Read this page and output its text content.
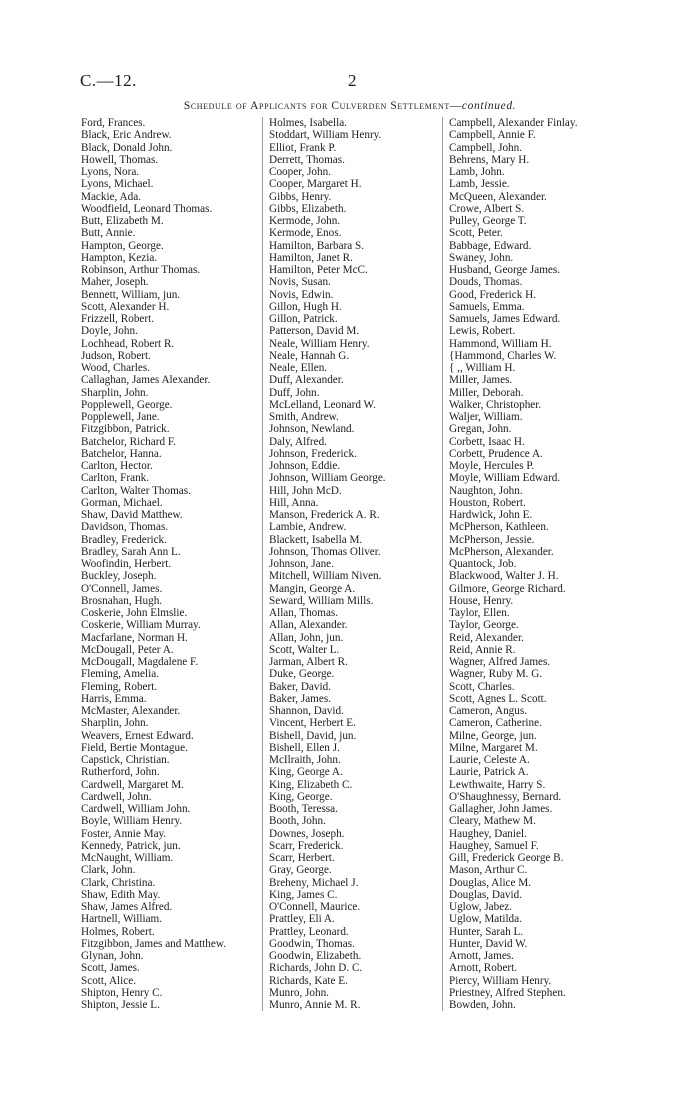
C.—12.	2
Schedule of Applicants for Culverden Settlement—continued.
Ford, Frances.
Black, Eric Andrew.
Black, Donald John.
Howell, Thomas.
Lyons, Nora.
Lyons, Michael.
Mackie, Ada.
Woodfield, Leonard Thomas.
Butt, Elizabeth M.
Butt, Annie.
Hampton, George.
Hampton, Kezia.
Robinson, Arthur Thomas.
Maher, Joseph.
Bennett, William, jun.
Scott, Alexander H.
Frizzell, Robert.
Doyle, John.
Lochhead, Robert R.
Judson, Robert.
Wood, Charles.
Callaghan, James Alexander.
Sharplin, John.
Popplewell, George.
Popplewell, Jane.
Fitzgibbon, Patrick.
Batchelor, Richard F.
Batchelor, Hanna.
Carlton, Hector.
Carlton, Frank.
Carlton, Walter Thomas.
Gorman, Michael.
Shaw, David Matthew.
Davidson, Thomas.
Bradley, Frederick.
Bradley, Sarah Ann L.
Woofindin, Herbert.
Buckley, Joseph.
O'Connell, James.
Brosnahan, Hugh.
Coskerie, John Elmslie.
Coskerie, William Murray.
Macfarlane, Norman H.
McDougall, Peter A.
McDougall, Magdalene F.
Fleming, Amelia.
Fleming, Robert.
Harris, Emma.
McMaster, Alexander.
Sharplin, John.
Weavers, Ernest Edward.
Field, Bertie Montague.
Capstick, Christian.
Rutherford, John.
Cardwell, Margaret M.
Cardwell, John.
Cardwell, William John.
Boyle, William Henry.
Foster, Annie May.
Kennedy, Patrick, jun.
McNaught, William.
Clark, John.
Clark, Christina.
Shaw, Edith May.
Shaw, James Alfred.
Hartnell, William.
Holmes, Robert.
Fitzgibbon, James and Matthew.
Glynan, John.
Scott, James.
Scott, Alice.
Shipton, Henry C.
Shipton, Jessie L.
Holmes, Isabella.
Stoddart, William Henry.
Elliot, Frank P.
Derrett, Thomas.
Cooper, John.
Cooper, Margaret H.
Gibbs, Henry.
Gibbs, Elizabeth.
Kermode, John.
Kermode, Enos.
Hamilton, Barbara S.
Hamilton, Janet R.
Hamilton, Peter McC.
Novis, Susan.
Novis, Edwin.
Gillon, Hugh H.
Gillon, Patrick.
Patterson, David M.
Neale, William Henry.
Neale, Hannah G.
Neale, Ellen.
Duff, Alexander.
Duff, John.
McLelland, Leonard W.
Smith, Andrew.
Johnson, Newland.
Daly, Alfred.
Johnson, Frederick.
Johnson, Eddie.
Johnson, William George.
Hill, John McD.
Hill, Anna.
Manson, Frederick A. R.
Lambie, Andrew.
Blackett, Isabella M.
Johnson, Thomas Oliver.
Johnson, Jane.
Mitchell, William Niven.
Mangin, George A.
Seward, William Mills.
Allan, Thomas.
Allan, Alexander.
Allan, John, jun.
Scott, Walter L.
Jarman, Albert R.
Duke, George.
Baker, David.
Baker, James.
Shannon, David.
Vincent, Herbert E.
Bishell, David, jun.
Bishell, Ellen J.
McIlraith, John.
King, George A.
King, Elizabeth C.
King, George.
Booth, Teressa.
Booth, John.
Downes, Joseph.
Scarr, Frederick.
Scarr, Herbert.
Gray, George.
Breheny, Michael J.
King, James C.
O'Connell, Maurice.
Prattley, Eli A.
Prattley, Leonard.
Goodwin, Thomas.
Goodwin, Elizabeth.
Richards, John D. C.
Richards, Kate E.
Munro, John.
Munro, Annie M. R.
Campbell, Alexander Finlay.
Campbell, Annie F.
Campbell, John.
Behrens, Mary H.
Lamb, John.
Lamb, Jessie.
McQueen, Alexander.
Crowe, Albert S.
Pulley, George T.
Scott, Peter.
Babbage, Edward.
Swaney, John.
Husband, George James.
Douds, Thomas.
Good, Frederick H.
Samuels, Emma.
Samuels, James Edward.
Lewis, Robert.
Hammond, William H.
{Hammond, Charles W.
{ ,, William H.
Miller, James.
Miller, Deborah.
Walker, Christopher.
Waljer, William.
Gregan, John.
Corbett, Isaac H.
Corbett, Prudence A.
Moyle, Hercules P.
Moyle, William Edward.
Naughton, John.
Houston, Robert.
Hardwick, John E.
McPherson, Kathleen.
McPherson, Jessie.
McPherson, Alexander.
Quantock, Job.
Blackwood, Walter J. H.
Gilmore, George Richard.
House, Henry.
Taylor, Ellen.
Taylor, George.
Reid, Alexander.
Reid, Annie R.
Wagner, Alfred James.
Wagner, Ruby M. G.
Scott, Charles.
Scott, Agnes L. Scott.
Cameron, Angus.
Cameron, Catherine.
Milne, George, jun.
Milne, Margaret M.
Laurie, Celeste A.
Laurie, Patrick A.
Lewthwaite, Harry S.
O'Shaughnessy, Bernard.
Gallagher, John James.
Cleary, Mathew M.
Haughey, Daniel.
Haughey, Samuel F.
Gill, Frederick George B.
Mason, Arthur C.
Douglas, Alice M.
Douglas, David.
Uglow, Jabez.
Uglow, Matilda.
Hunter, Sarah L.
Hunter, David W.
Arnott, James.
Arnott, Robert.
Piercy, William Henry.
Priestney, Alfred Stephen.
Bowden, John.
